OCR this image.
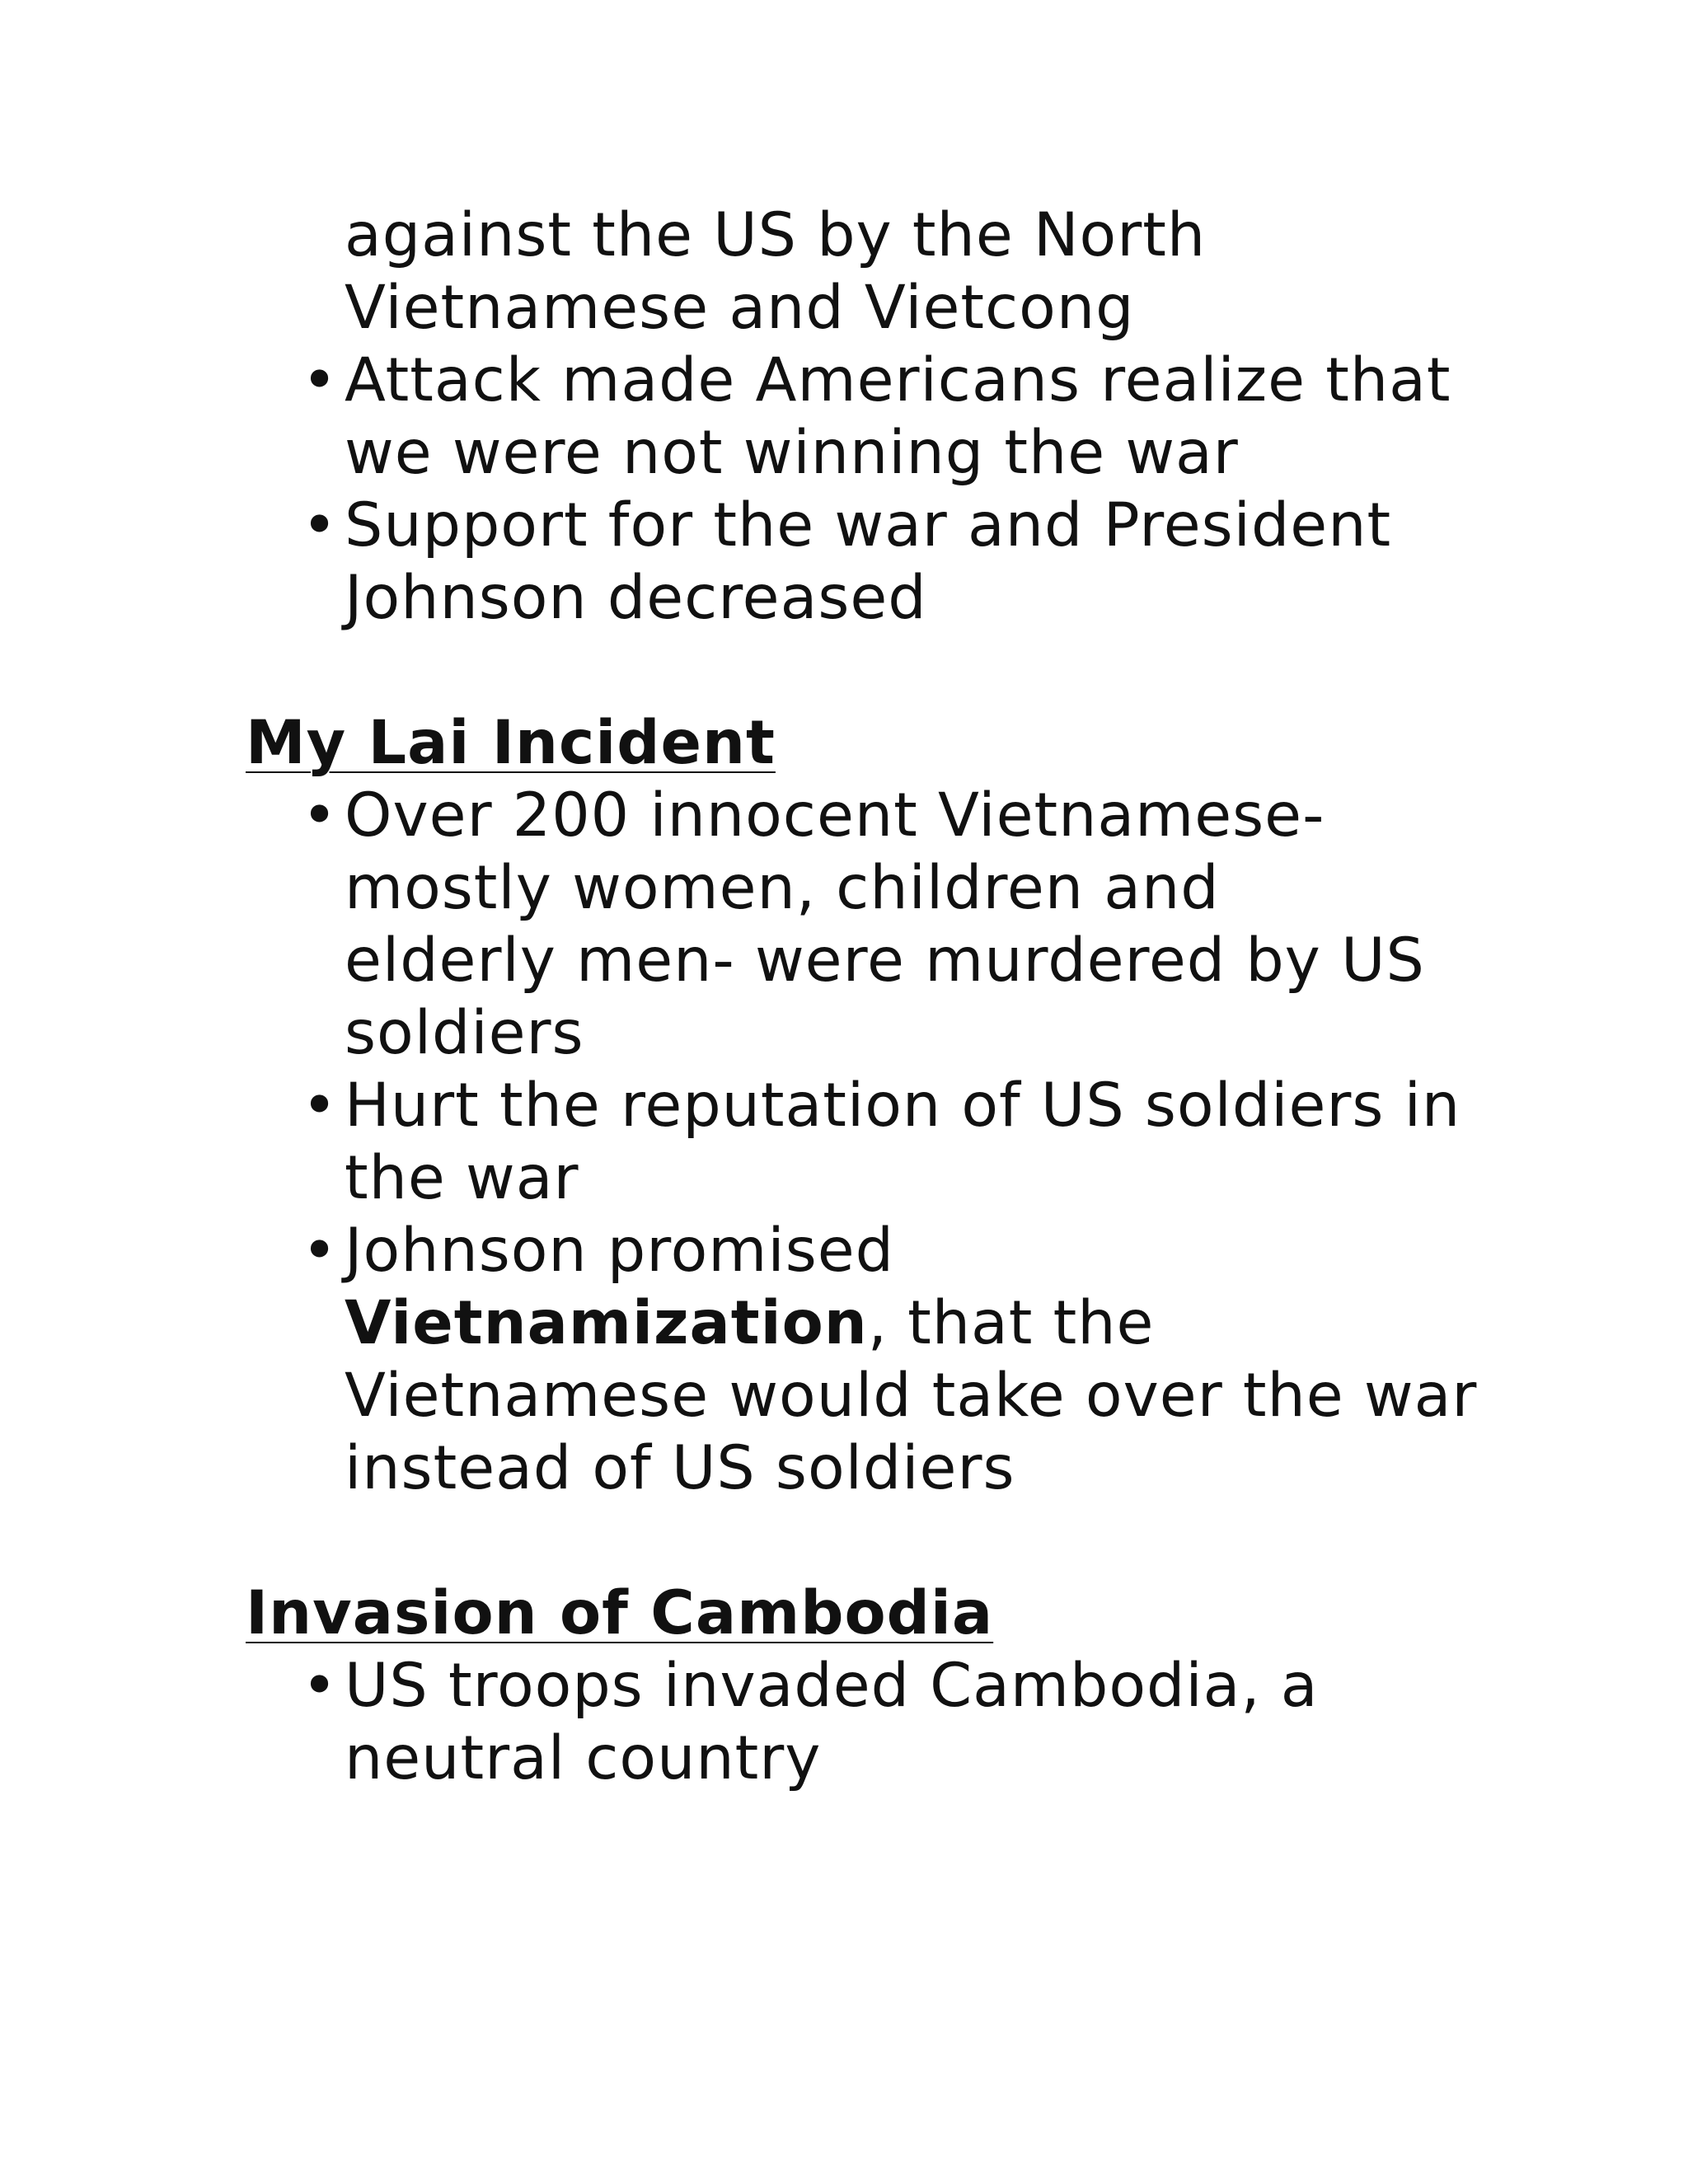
against the US by the North Vietnamese and Vietcong

• Attack made Americans realize that we were not winning the war
• Support for the war and President Johnson decreased
My Lai Incident
• Over 200 innocent Vietnamese- mostly women, children and elderly men- were murdered by US soldiers
• Hurt the reputation of US soldiers in the war
• Johnson promised
Vietnamization, that the Vietnamese would take over the war instead of US soldiers
Invasion of Cambodia
• US troops invaded Cambodia, a neutral country
